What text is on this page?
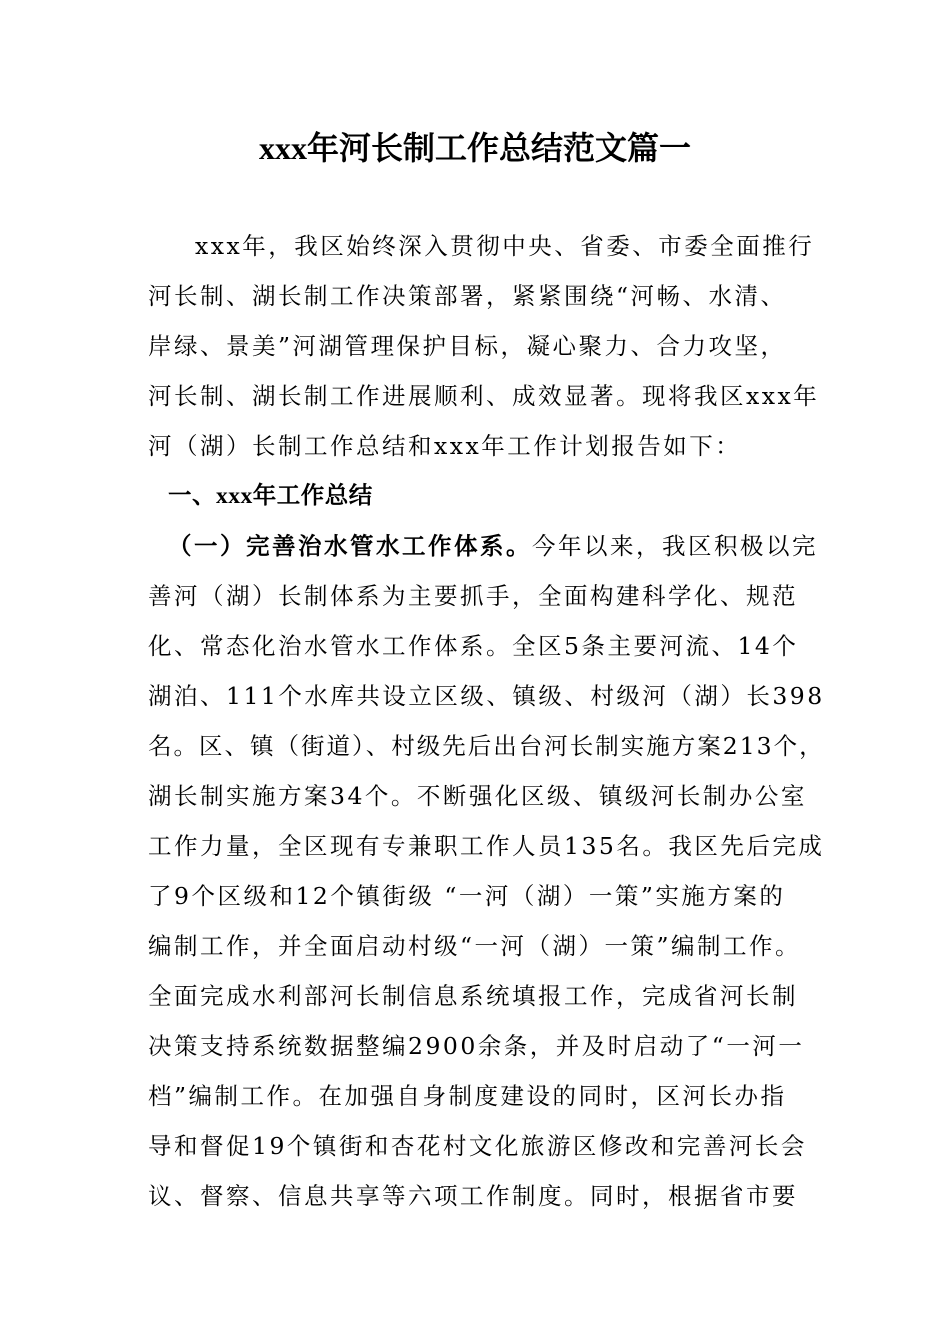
xxx年河长制工作总结范文篇一

xxx年，我区始终深入贯彻中央、省委、市委全面推行

河长制、湖长制工作决策部署，紧紧围绕“河畅、水清、

岸绿、景美”河湖管理保护目标，凝心聚力、合力攻坚，

河长制、湖长制工作进展顺利、成效显著。现将我区xxx年

河（湖）长制工作总结和xxx年工作计划报告如下：

一、xxx年工作总结

（一）完善治水管水工作体系。今年以来，我区积极以完

善河（湖）长制体系为主要抓手，全面构建科学化、规范

化、常态化治水管水工作体系。全区5条主要河流、14个

湖泊、111个水库共设立区级、镇级、村级河（湖）长398

名。区、镇（街道）、村级先后出台河长制实施方案213个，

湖长制实施方案34个。不断强化区级、镇级河长制办公室

工作力量，全区现有专兼职工作人员135名。我区先后完成

了9个区级和12个镇街级 “一河（湖）一策”实施方案的

编制工作，并全面启动村级“一河（湖）一策”编制工作。

全面完成水利部河长制信息系统填报工作，完成省河长制

决策支持系统数据整编2900余条，并及时启动了“一河一

档”编制工作。在加强自身制度建设的同时，区河长办指

导和督促19个镇街和杏花村文化旅游区修改和完善河长会

议、督察、信息共享等六项工作制度。同时，根据省市要
